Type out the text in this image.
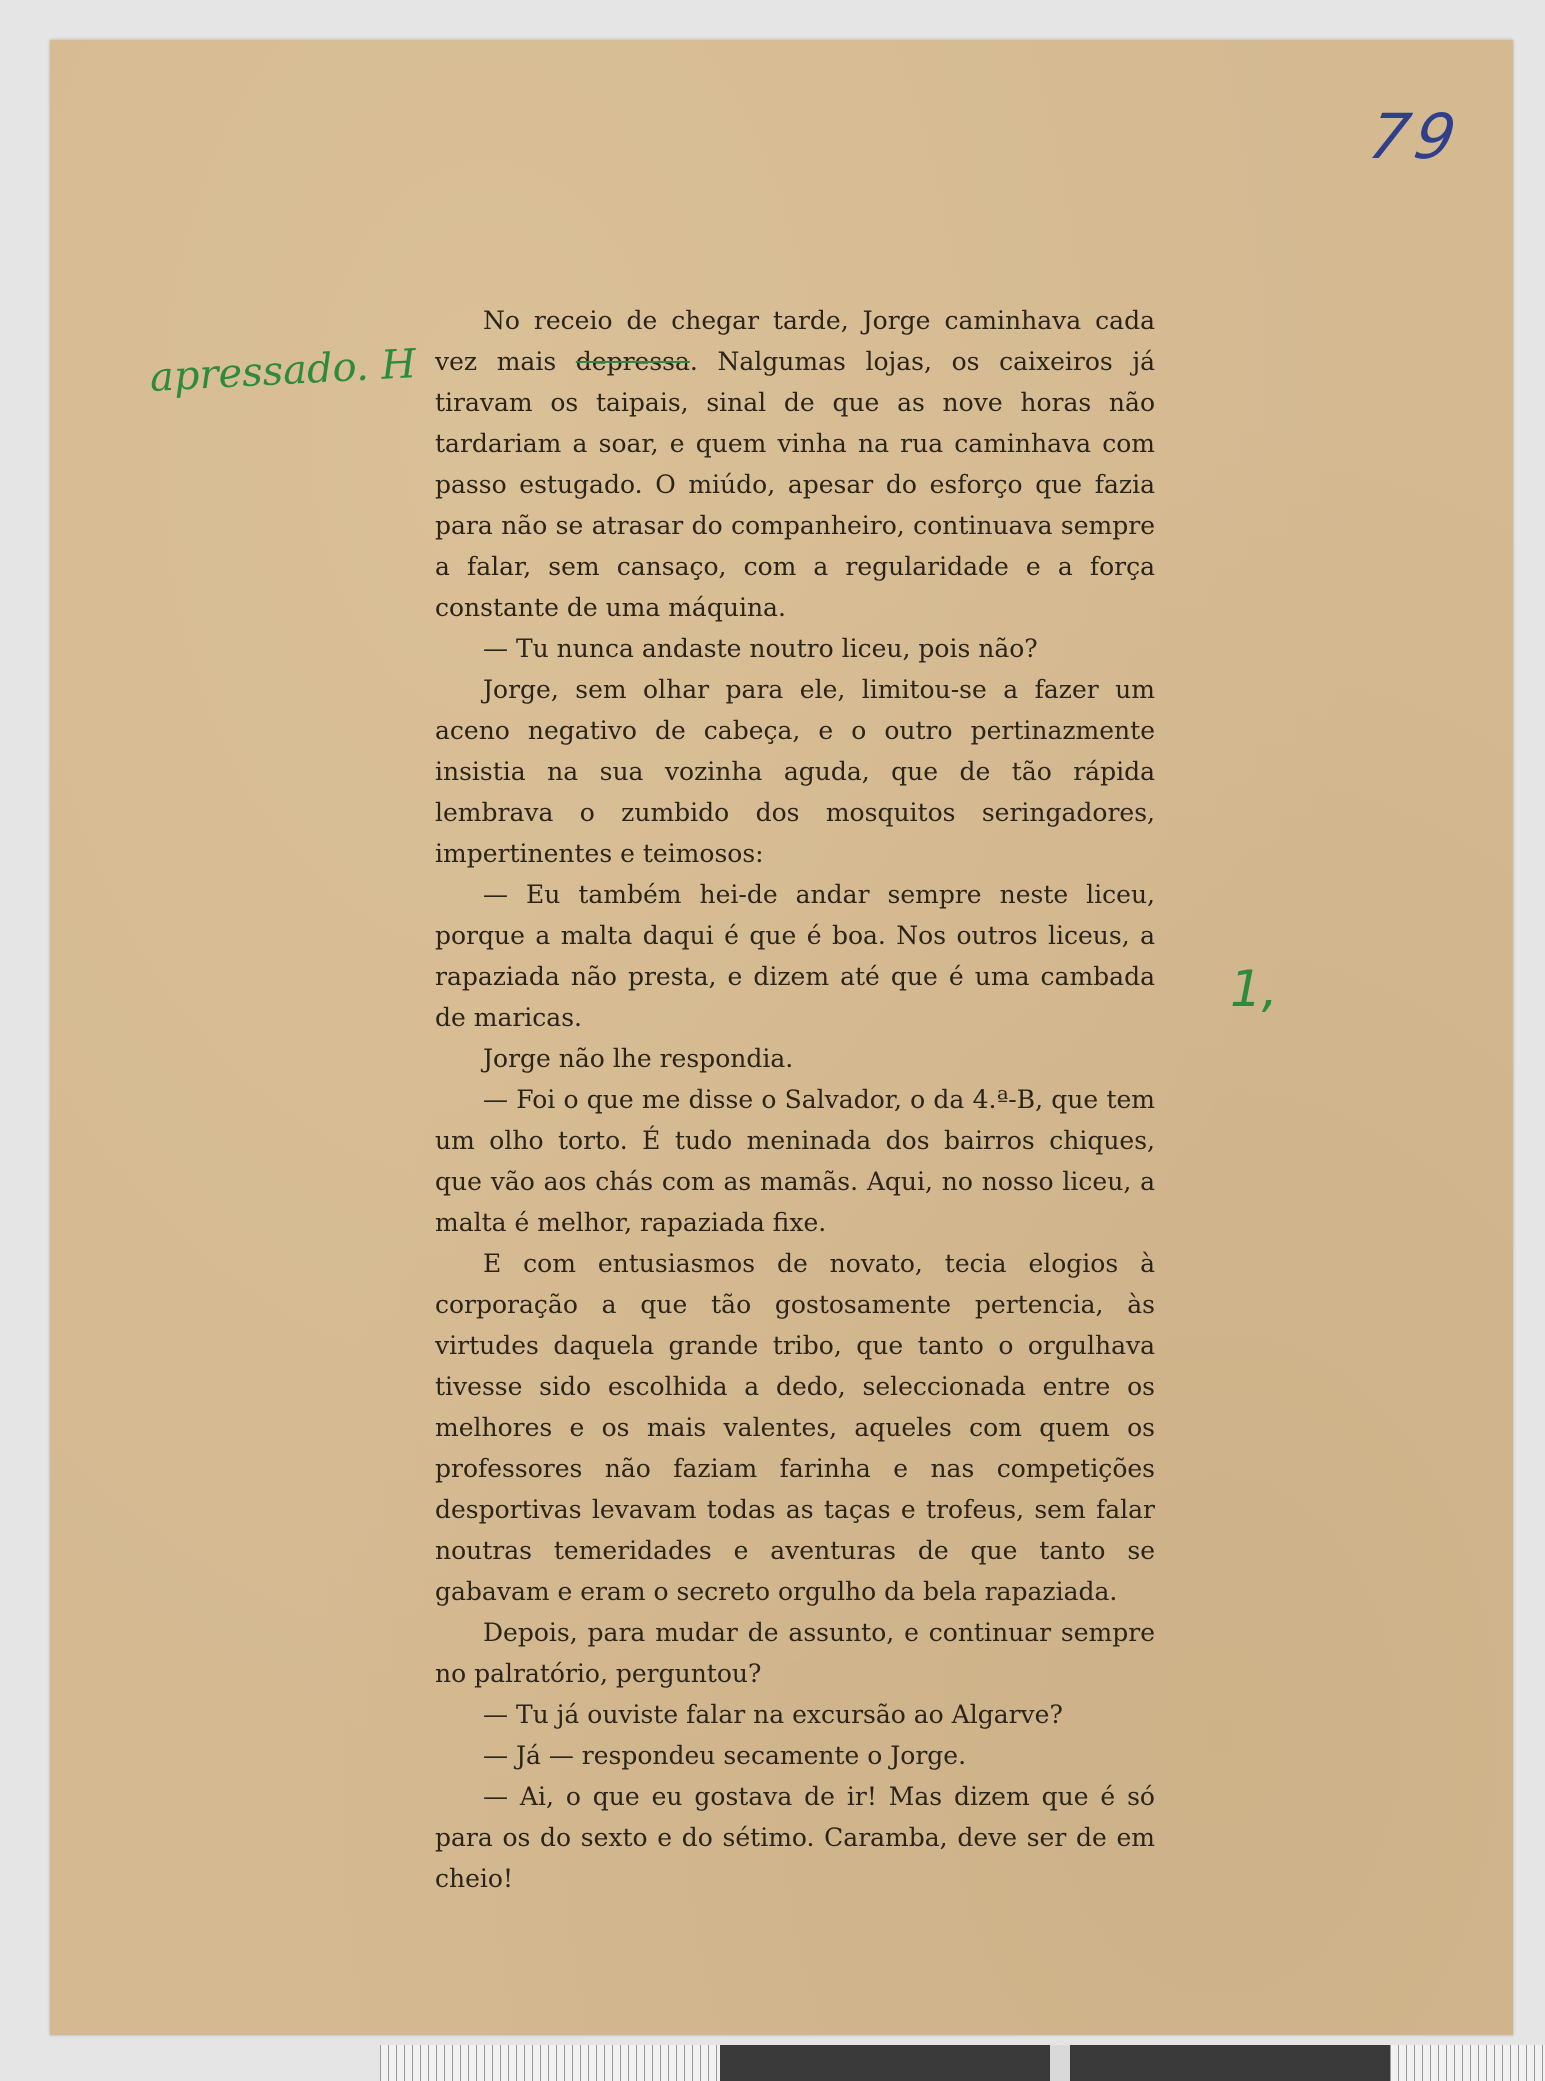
79
apressado. H
1,

No receio de chegar tarde, Jorge caminhava cada vez mais depressa. Nalgumas lojas, os caixeiros já tiravam os taipais, sinal de que as nove horas não tardariam a soar, e quem vinha na rua caminhava com passo estugado. O miúdo, apesar do esforço que fazia para não se atrasar do companheiro, continuava sempre a falar, sem cansaço, com a regularidade e a força constante de uma máquina.

— Tu nunca andaste noutro liceu, pois não?

Jorge, sem olhar para ele, limitou-se a fazer um aceno negativo de cabeça, e o outro pertinazmente insistia na sua vozinha aguda, que de tão rápida lembrava o zumbido dos mosquitos seringadores, impertinentes e teimosos:

— Eu também hei-de andar sempre neste liceu, porque a malta daqui é que é boa. Nos outros liceus, a rapaziada não presta, e dizem até que é uma cambada de maricas.

Jorge não lhe respondia.

— Foi o que me disse o Salvador, o da 4.ª-B, que tem um olho torto. É tudo meninada dos bairros chiques, que vão aos chás com as mamãs. Aqui, no nosso liceu, a malta é melhor, rapaziada fixe.

E com entusiasmos de novato, tecia elogios à corporação a que tão gostosamente pertencia, às virtudes daquela grande tribo, que tanto o orgulhava tivesse sido escolhida a dedo, seleccionada entre os melhores e os mais valentes, aqueles com quem os professores não faziam farinha e nas competições desportivas levavam todas as taças e trofeus, sem falar noutras temeridades e aventuras de que tanto se gabavam e eram o secreto orgulho da bela rapaziada.

Depois, para mudar de assunto, e continuar sempre no palratório, perguntou?

— Tu já ouviste falar na excursão ao Algarve?

— Já — respondeu secamente o Jorge.

— Ai, o que eu gostava de ir! Mas dizem que é só para os do sexto e do sétimo. Caramba, deve ser de em cheio!
